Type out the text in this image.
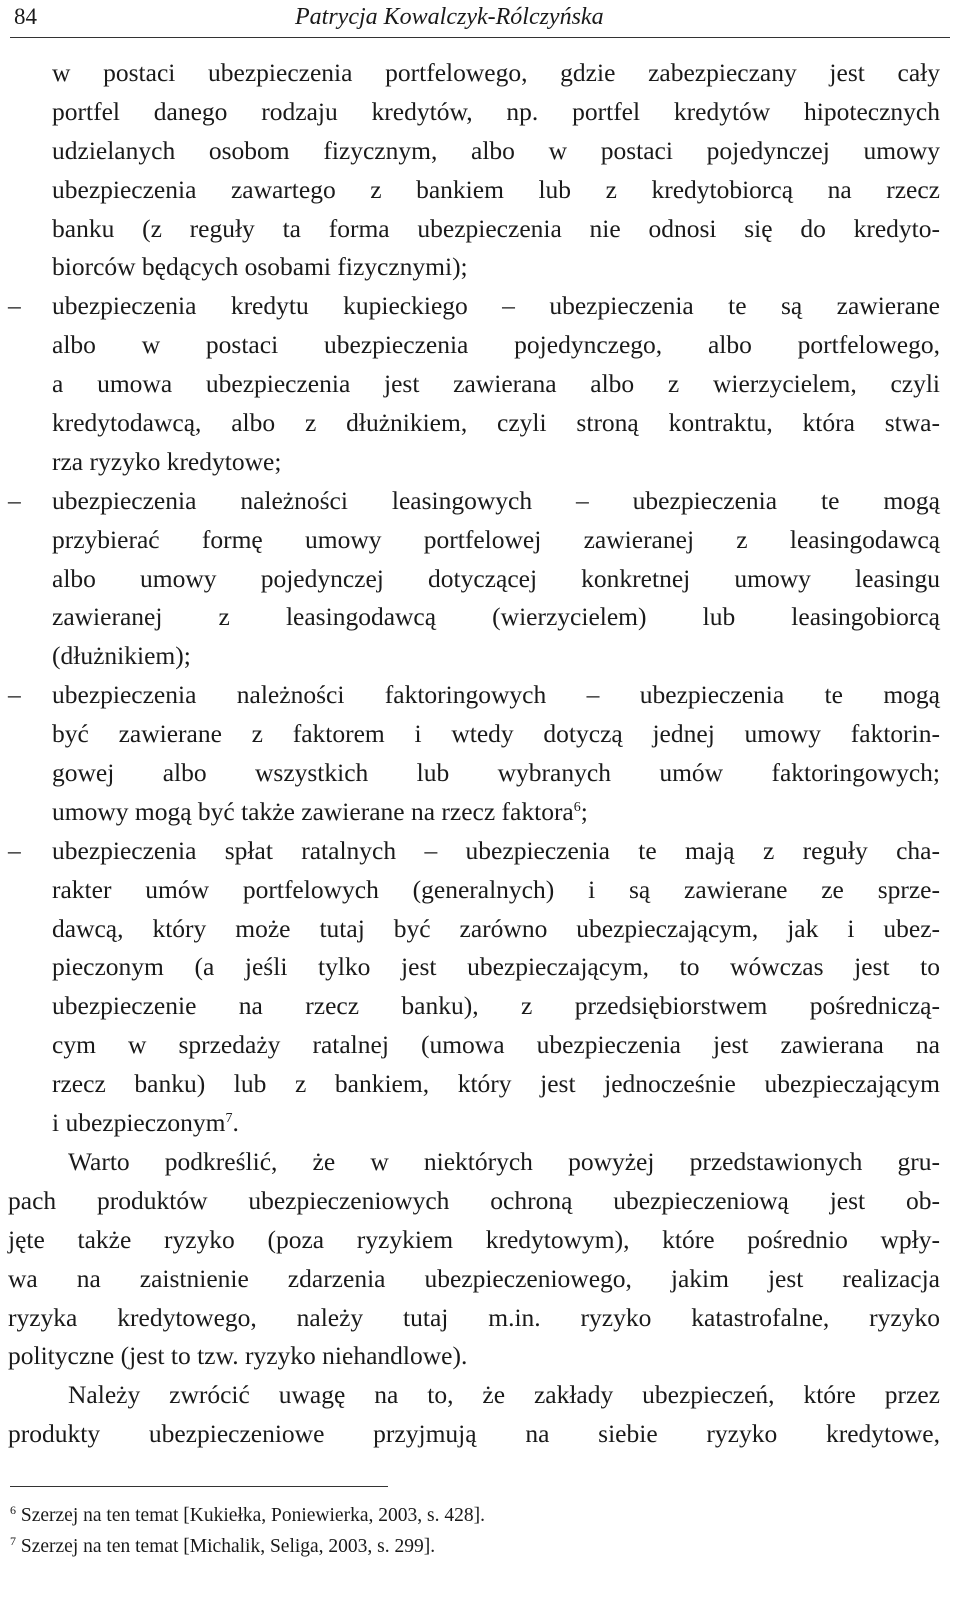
84	Patrycja Kowalczyk-Rólczyńska
w postaci ubezpieczenia portfelowego, gdzie zabezpieczany jest cały
portfel danego rodzaju kredytów, np. portfel kredytów hipotecznych
udzielanych osobom fizycznym, albo w postaci pojedynczej umowy
ubezpieczenia zawartego z bankiem lub z kredytobiorcą na rzecz
banku (z reguły ta forma ubezpieczenia nie odnosi się do kredyto-
biorców będących osobami fizycznymi);
– ubezpieczenia kredytu kupieckiego – ubezpieczenia te są zawierane
albo w postaci ubezpieczenia pojedynczego, albo portfelowego,
a umowa ubezpieczenia jest zawierana albo z wierzycielem, czyli
kredytodawcą, albo z dłużnikiem, czyli stroną kontraktu, która stwa-
rza ryzyko kredytowe;
– ubezpieczenia należności leasingowych – ubezpieczenia te mogą
przybierać formę umowy portfelowej zawieranej z leasingodawcą
albo umowy pojedynczej dotyczącej konkretnej umowy leasingu
zawieranej z leasingodawcą (wierzycielem) lub leasingobiorcą
(dłużnikiem);
– ubezpieczenia należności faktoringowych – ubezpieczenia te mogą
być zawierane z faktorem i wtedy dotyczą jednej umowy faktorin-
gowej albo wszystkich lub wybranych umów faktoringowych;
umowy mogą być także zawierane na rzecz faktora$^6$;
– ubezpieczenia spłat ratalnych – ubezpieczenia te mają z reguły cha-
rakter umów portfelowych (generalnych) i są zawierane ze sprze-
dawcą, który może tutaj być zarówno ubezpieczającym, jak i ubez-
pieczonym (a jeśli tylko jest ubezpieczającym, to wówczas jest to
ubezpieczenie na rzecz banku), z przedsiębiorstwem pośredniczą-
cym w sprzedaży ratalnej (umowa ubezpieczenia jest zawierana na
rzecz banku) lub z bankiem, który jest jednocześnie ubezpieczającym
i ubezpieczonym$^7$.
Warto podkreślić, że w niektórych powyżej przedstawionych gru-
pach produktów ubezpieczeniowych ochroną ubezpieczeniową jest ob-
jęte także ryzyko (poza ryzykiem kredytowym), które pośrednio wpły-
wa na zaistnienie zdarzenia ubezpieczeniowego, jakim jest realizacja
ryzyka kredytowego, należy tutaj m.in. ryzyko katastrofalne, ryzyko
polityczne (jest to tzw. ryzyko niehandlowe).
Należy zwrócić uwagę na to, że zakłady ubezpieczeń, które przez
produkty ubezpieczeniowe przyjmują na siebie ryzyko kredytowe,
$^6$ Szerzej na ten temat [Kukiełka, Poniewierka, 2003, s. 428].
$^7$ Szerzej na ten temat [Michalik, Seliga, 2003, s. 299].
